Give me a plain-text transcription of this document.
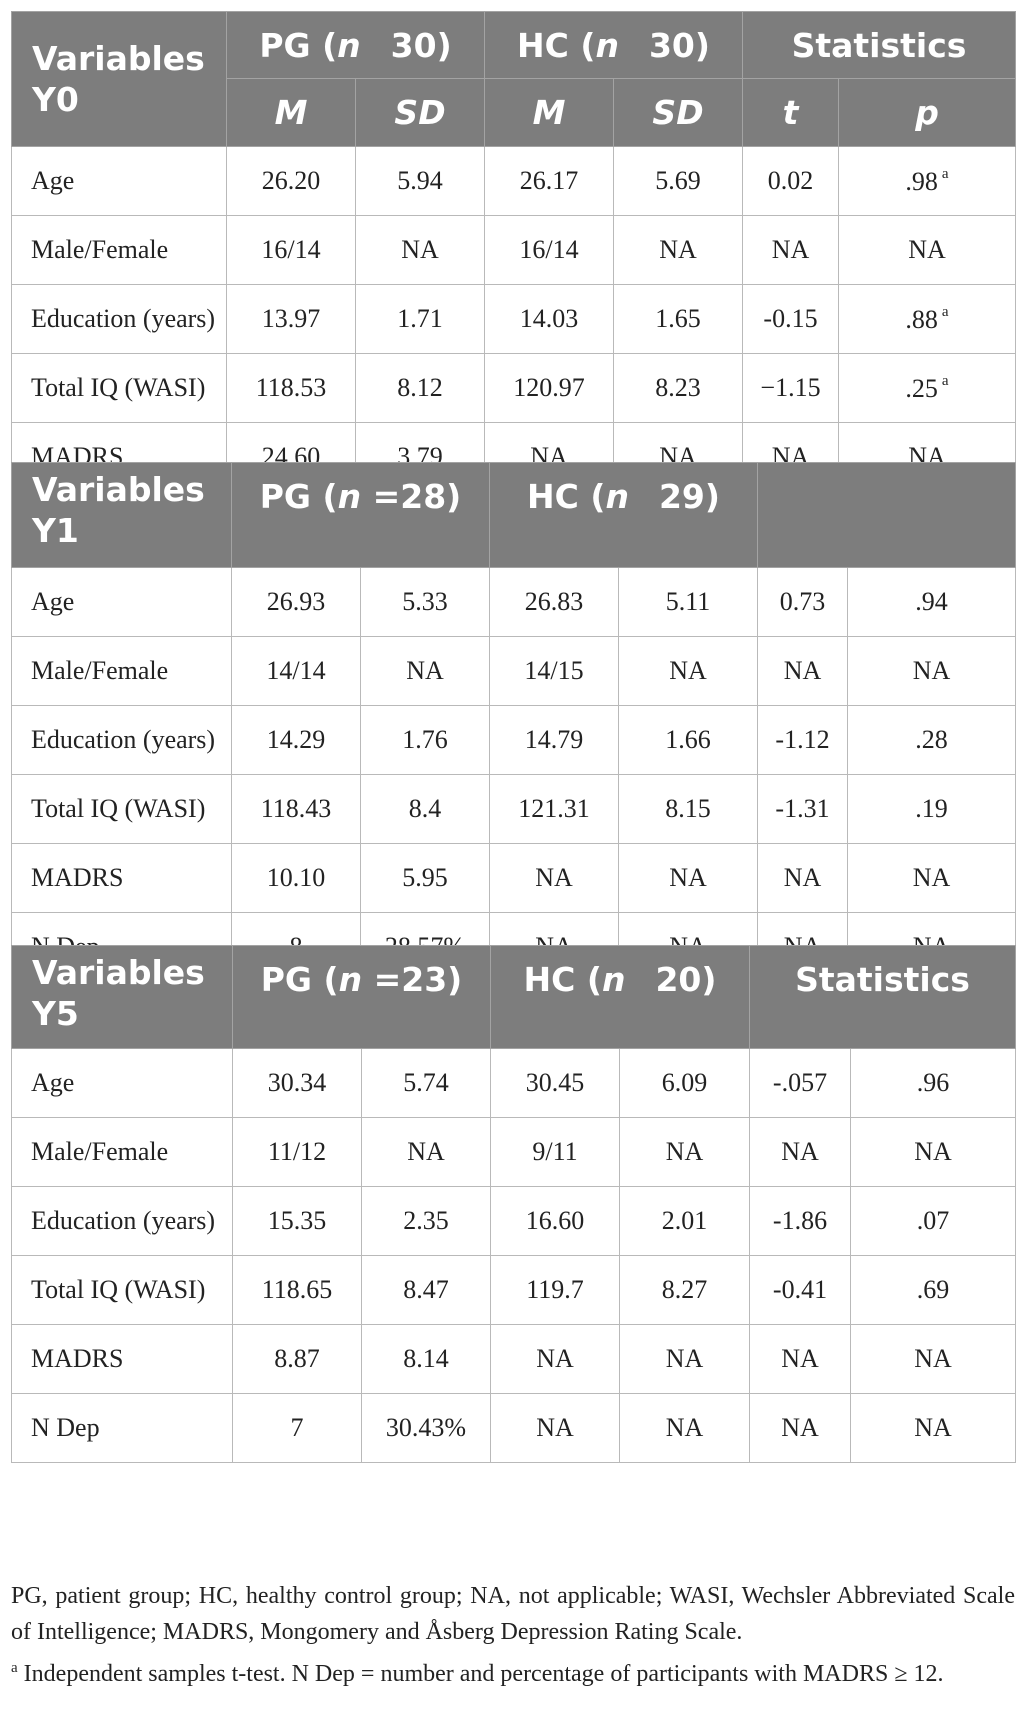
Variables
Y0	PG (n 30)		HC (n 30)		Statistics	
	M	SD	M	SD	t	p
Age	26.20	5.94	26.17	5.69	0.02	.98 $^a$
Male/Female	16/14	NA	16/14	NA	NA	NA
Education (years)	13.97	1.71	14.03	1.65	-0.15	.88 $^a$
Total IQ (WASI)	118.53	8.12	120.97	8.23	−1.15	.25 $^a$
MADRS	24.60	3.79	NA	NA	NA	NA
Variables
Y1	PG (n =28)		HC (n 29)			
Age	26.93	5.33	26.83	5.11	0.73	.94
Male/Female	14/14	NA	14/15	NA	NA	NA
Education (years)	14.29	1.76	14.79	1.66	-1.12	.28
Total IQ (WASI)	118.43	8.4	121.31	8.15	-1.31	.19
MADRS	10.10	5.95	NA	NA	NA	NA
N Dep	8	28,57%	NA	NA	NA	NA
Variables
Y5	PG (n =23)		HC (n 20)		Statistics	
Age	30.34	5.74	30.45	6.09	-.057	.96
Male/Female	11/12	NA	9/11	NA	NA	NA
Education (years)	15.35	2.35	16.60	2.01	-1.86	.07
Total IQ (WASI)	118.65	8.47	119.7	8.27	-0.41	.69
MADRS	8.87	8.14	NA	NA	NA	NA
N Dep	7	30.43%	NA	NA	NA	NA

PG, patient group; HC, healthy control group; NA, not applicable; WASI, Wechsler Abbreviated Scale of Intelligence; MADRS, Mongomery and Åsberg Depression Rating Scale.
$^a$ Independent samples t-test. N Dep = number and percentage of participants with MADRS ≥ 12.
